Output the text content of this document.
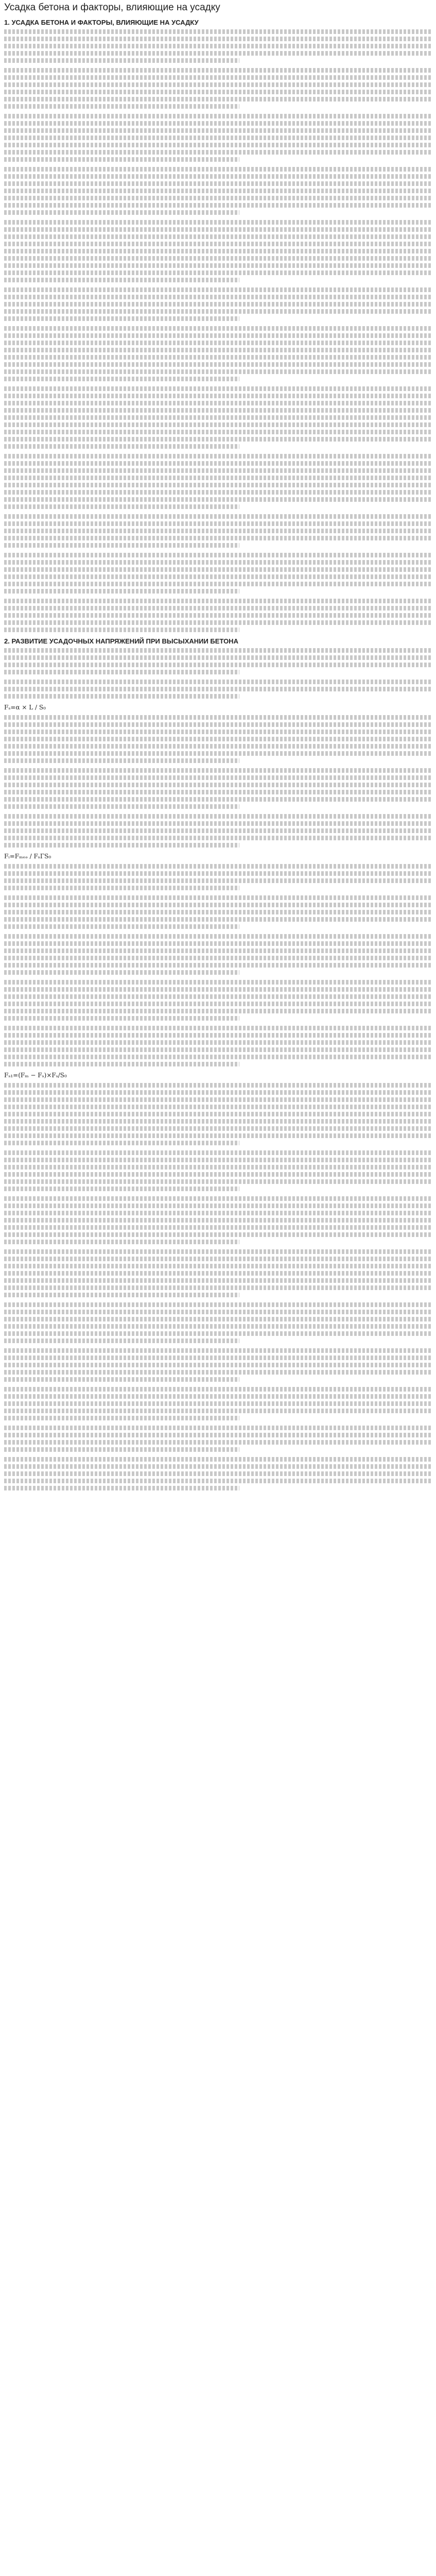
Усадка бетона и факторы, влияющие на усадку
1. УСАДКА БЕТОНА И ФАКТОРЫ, ВЛИЯЮЩИЕ НА УСАДКУ
2. РАЗВИТИЕ УСАДОЧНЫХ НАПРЯЖЕНИЙ ПРИ ВЫСЫХАНИИ БЕТОНА
Fₛ=α × L / S₀
Fᵢ=Fₘₑₔ / FₛΓS₀
Fₛ₁=(Fₘ − Fₛ)×Fₛ/S₀
